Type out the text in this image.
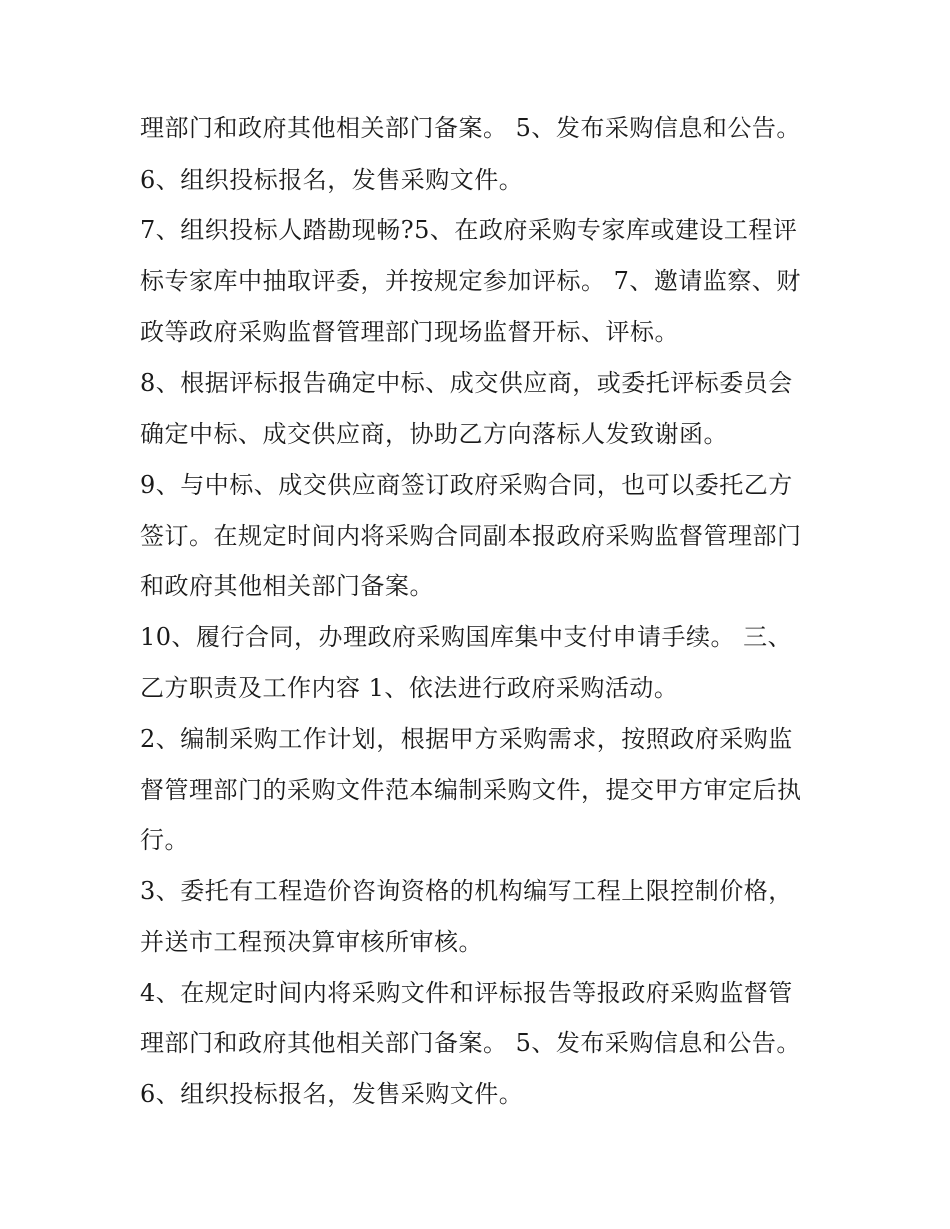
理部门和政府其他相关部门备案。 5、发布采购信息和公告。
6、组织投标报名，发售采购文件。
7、组织投标人踏勘现畅?5、在政府采购专家库或建设工程评
标专家库中抽取评委，并按规定参加评标。 7、邀请监察、财
政等政府采购监督管理部门现场监督开标、评标。
8、根据评标报告确定中标、成交供应商，或委托评标委员会
确定中标、成交供应商，协助乙方向落标人发致谢函。
9、与中标、成交供应商签订政府采购合同，也可以委托乙方
签订。在规定时间内将采购合同副本报政府采购监督管理部门
和政府其他相关部门备案。
10、履行合同，办理政府采购国库集中支付申请手续。 三、
乙方职责及工作内容 1、依法进行政府采购活动。
2、编制采购工作计划，根据甲方采购需求，按照政府采购监
督管理部门的采购文件范本编制采购文件，提交甲方审定后执
行。
3、委托有工程造价咨询资格的机构编写工程上限控制价格，
并送市工程预决算审核所审核。
4、在规定时间内将采购文件和评标报告等报政府采购监督管
理部门和政府其他相关部门备案。 5、发布采购信息和公告。
6、组织投标报名，发售采购文件。
